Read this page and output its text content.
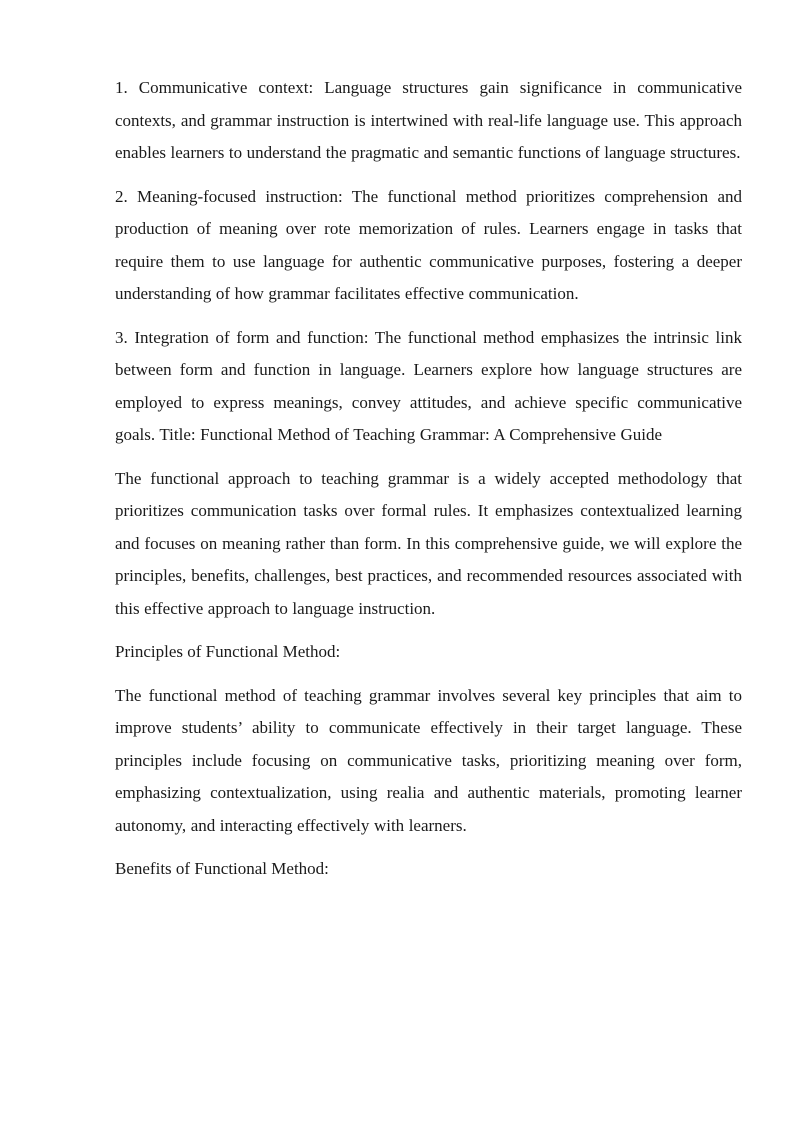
1. Communicative context: Language structures gain significance in communicative contexts, and grammar instruction is intertwined with real-life language use. This approach enables learners to understand the pragmatic and semantic functions of language structures.

2. Meaning-focused instruction: The functional method prioritizes comprehension and production of meaning over rote memorization of rules. Learners engage in tasks that require them to use language for authentic communicative purposes, fostering a deeper understanding of how grammar facilitates effective communication.

3. Integration of form and function: The functional method emphasizes the intrinsic link between form and function in language. Learners explore how language structures are employed to express meanings, convey attitudes, and achieve specific communicative goals. Title: Functional Method of Teaching Grammar: A Comprehensive Guide

The functional approach to teaching grammar is a widely accepted methodology that prioritizes communication tasks over formal rules. It emphasizes contextualized learning and focuses on meaning rather than form. In this comprehensive guide, we will explore the principles, benefits, challenges, best practices, and recommended resources associated with this effective approach to language instruction.

Principles of Functional Method:

The functional method of teaching grammar involves several key principles that aim to improve students’ ability to communicate effectively in their target language. These principles include focusing on communicative tasks, prioritizing meaning over form, emphasizing contextualization, using realia and authentic materials, promoting learner autonomy, and interacting effectively with learners.

Benefits of Functional Method:
